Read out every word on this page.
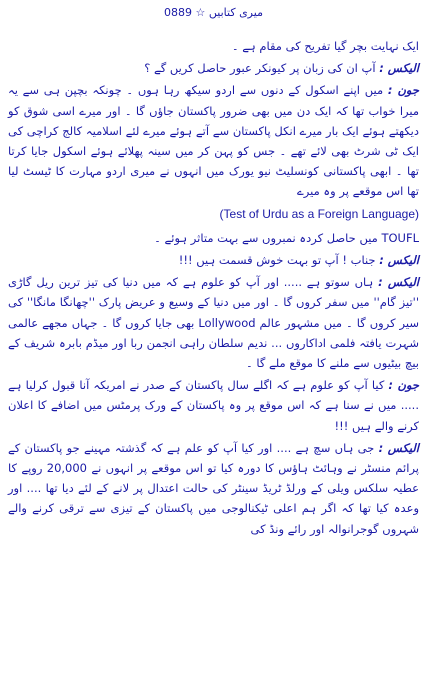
میری کتابیں ☆ 0889

ایک نہایت بچر گیا تفریح کی مقام ہے ۔

الیکس : آپ ان کی زبان پر کیونکر عبور حاصل کریں گے ؟

جون : میں اپنے اسکول کے دنوں سے اردو سیکھ رہا ہوں ۔ چونکہ بچپن ہی سے یہ میرا خواب تھا کہ ایک دن میں بھی ضرور پاکستان جاؤں گا ۔ اور میرے اسی شوق کو دیکھتے ہوئے ایک بار میرے انکل پاکستان سے آتے ہوئے میرے لئے اسلامیہ کالج کراچی کی ایک ٹی شرٹ بھی لائے تھے ۔ جس کو پہن کر میں سینہ پھلائے ہوئے اسکول جایا کرتا تھا ۔ ابھی پاکستانی کونسلیٹ نیو یورک میں انہوں نے میری اردو مہارت کا ٹیسٹ لیا تھا اس موقعے پر وہ میرے

(Test of Urdu as a Foreign Language)

TOUFL میں حاصل کردہ نمبروں سے بہت متاثر ہوئے ۔

الیکس : جناب ! آپ تو بہت خوش قسمت ہیں !!!

الیکس : ہاں سوتو ہے ..... اور آپ کو علوم ہے کہ میں دنیا کی تیز ترین ریل گاڑی ''تیز گام'' میں سفر کروں گا ۔ اور میں دنیا کے وسیع و عریض پارک ''چھانگا مانگا'' کی سیر کروں گا ۔ میں مشہور عالم Lollywood بھی جایا کروں گا ۔ جہاں مجھے عالمی شہرت یافتہ فلمی اداکاروں ... ندیم سلطان راہی انجمن ربا اور میڈم بابرہ شریف کے بیچ بیٹیوں سے ملنے کا موقع ملے گا ۔

جون : کیا آپ کو علوم ہے کہ اگلے سال پاکستان کے صدر نے امریکہ آنا قبول کرلیا ہے ..... میں نے سنا ہے کہ اس موقع پر وہ پاکستان کے ورک پرمٹس میں اضافے کا اعلان کرنے والے ہیں !!!

الیکس : جی ہاں سچ ہے .... اور کیا آپ کو علم ہے کہ گذشتہ مہینے جو پاکستان کے پرائم منسٹر نے وہائٹ ہاؤس کا دورہ کیا تو اس موقعے پر انہوں نے 20,000 روپے کا عطیہ سلکس ویلی کے ورلڈ ٹریڈ سینٹر کی حالت اعتدال پر لانے کے لئے دیا تھا .... اور وعدہ کیا تھا کہ اگر ہم اعلی ٹیکنالوجی میں پاکستان کے تیزی سے ترقی کرنے والے شہروں گوجرانوالہ اور رائے ونڈ کی
